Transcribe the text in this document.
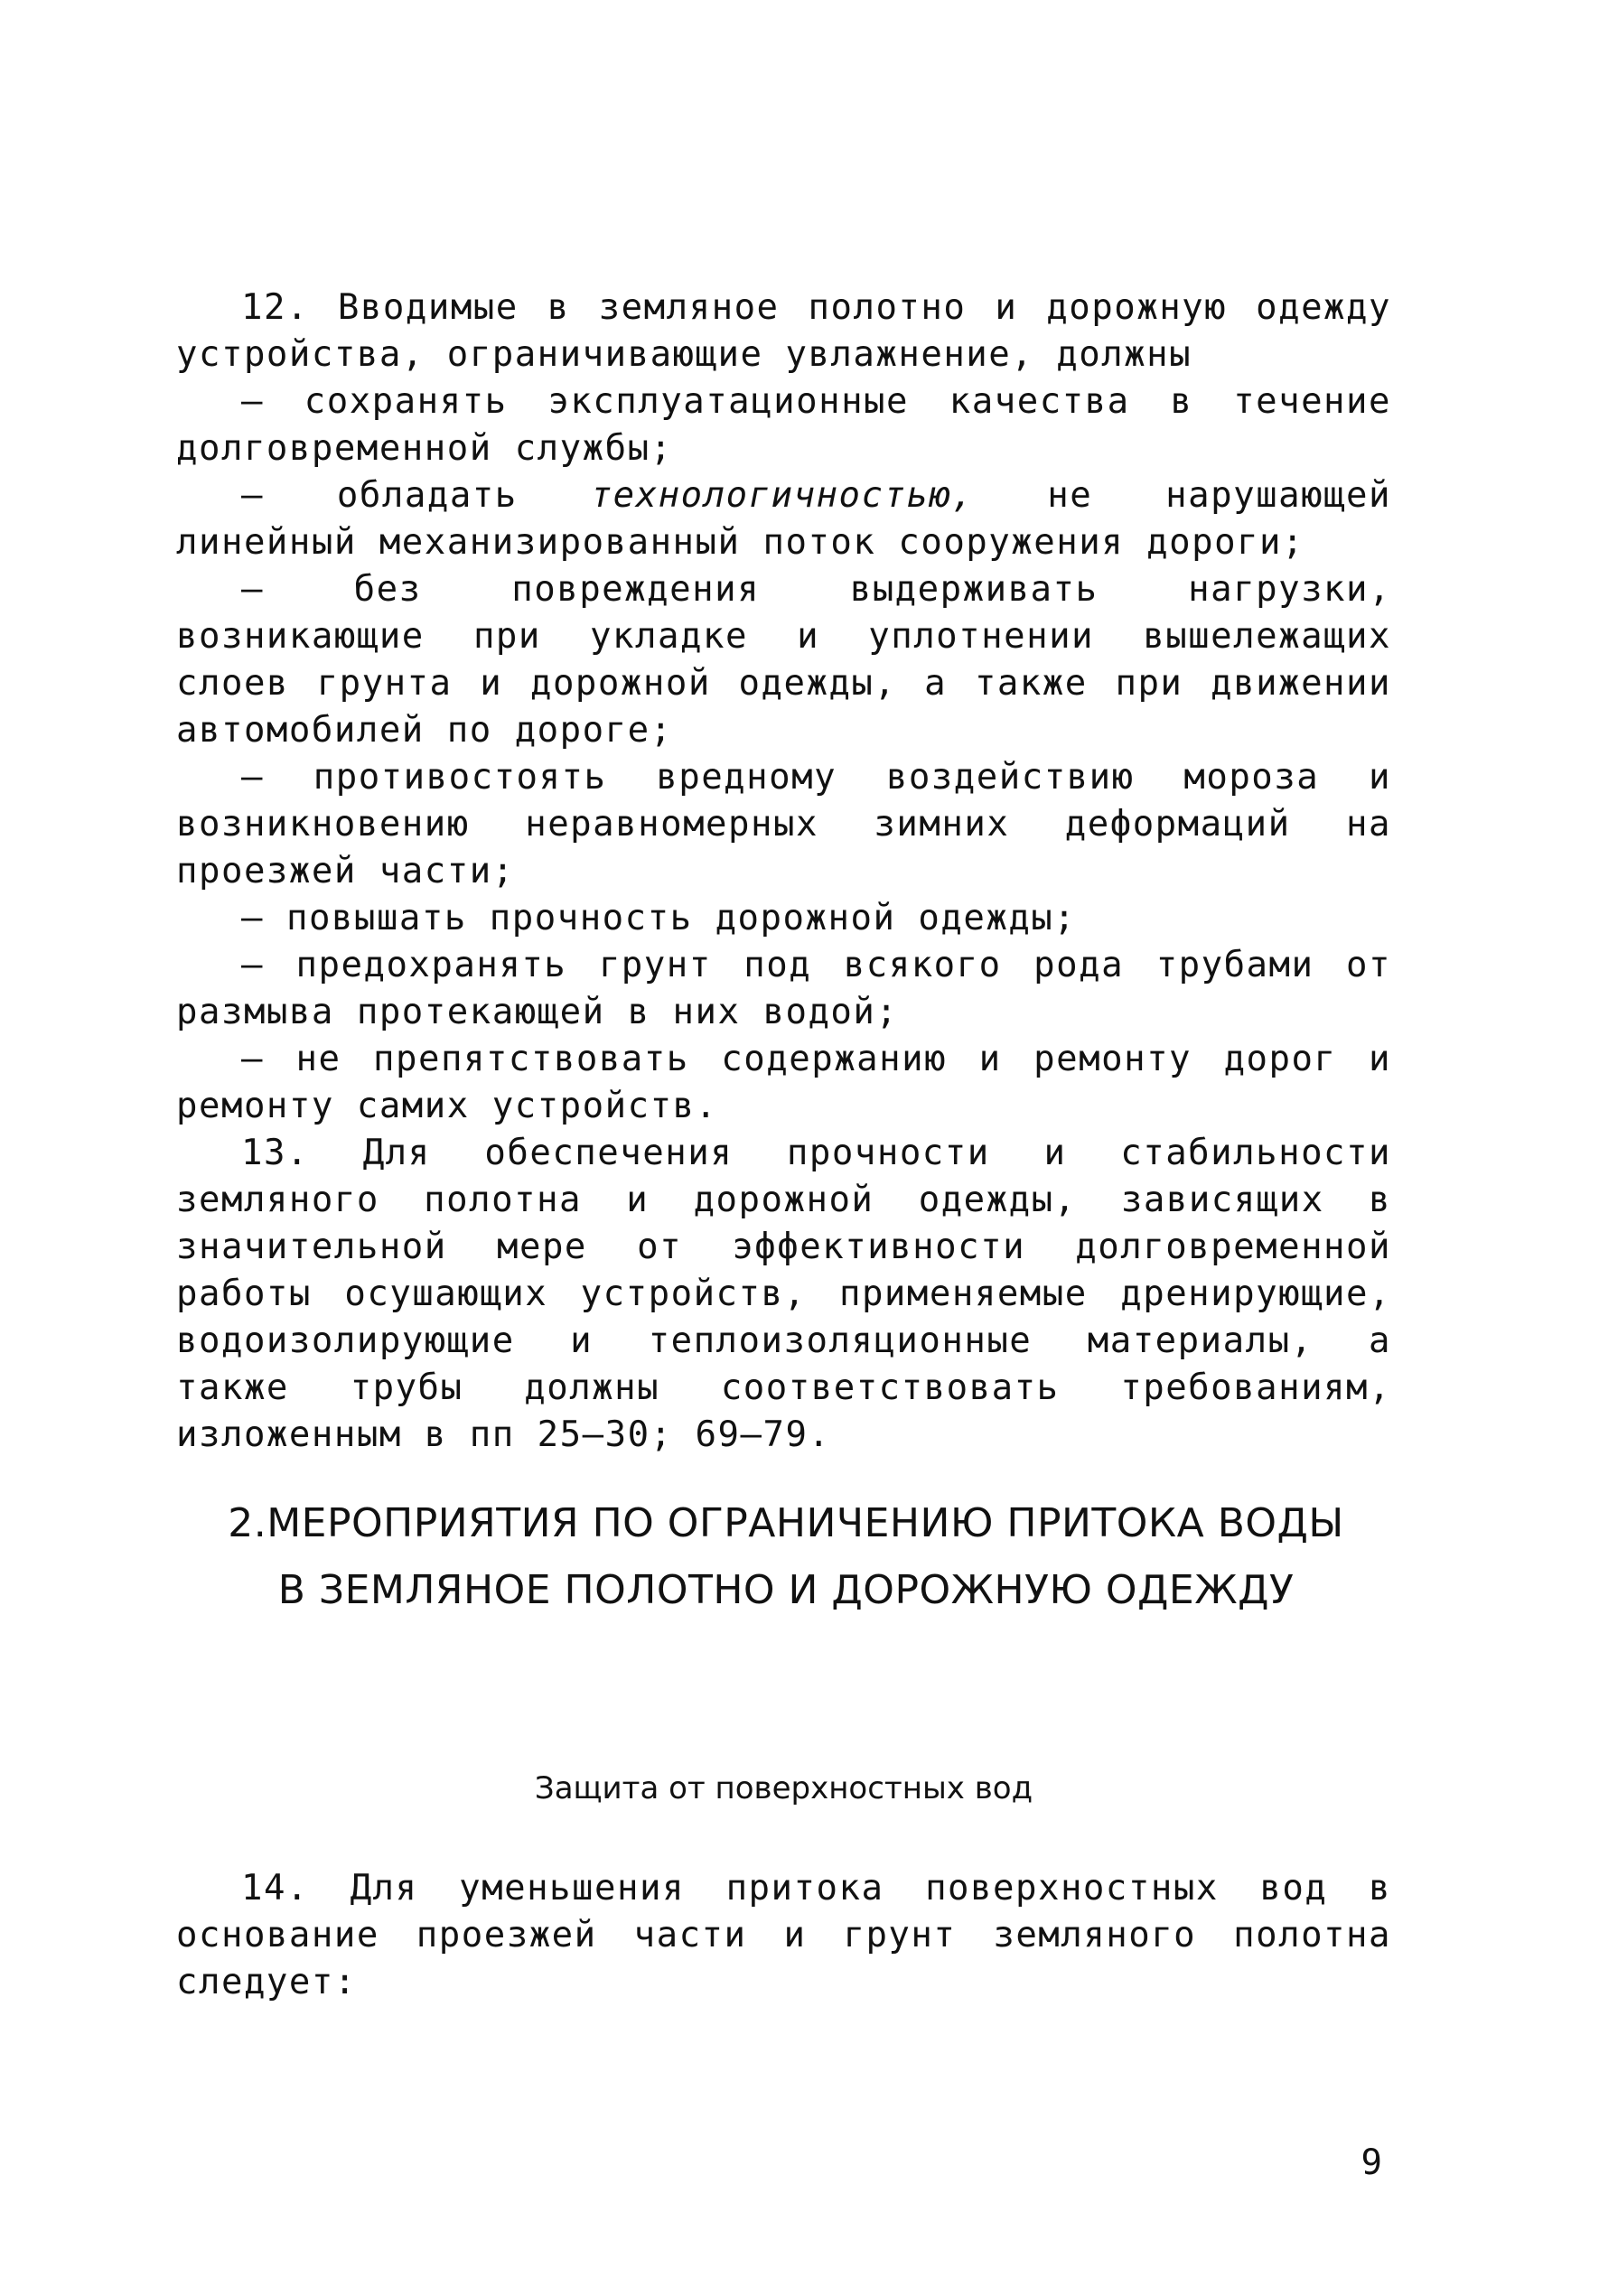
12. Вводимые в земляное полотно и дорожную одежду устройства, ограничивающие увлажнение, должны

– сохранять эксплуатационные качества в течение долговременной службы;

– обладать технологичностью, не нарушающей линейный механизированный поток сооружения дороги;

– без повреждения выдерживать нагрузки, возникающие при укладке и уплотнении вышележащих слоев грунта и дорожной одежды, а также при движении автомобилей по дороге;

– противостоять вредному воздействию мороза и возникновению неравномерных зимних деформаций на проезжей части;

– повышать прочность дорожной одежды;

– предохранять грунт под всякого рода трубами от размыва протекающей в них водой;

– не препятствовать содержанию и ремонту дорог и ремонту самих устройств.

13. Для обеспечения прочности и стабильности земляного полотна и дорожной одежды, зависящих в значительной мере от эффективности долговременной работы осушающих устройств, применяемые дренирующие, водоизолирующие и теплоизоляционные материалы, а также трубы должны соответствовать требованиям, изложенным в пп 25–30; 69–79.

2.МЕРОПРИЯТИЯ ПО ОГРАНИЧЕНИЮ ПРИТОКА ВОДЫ
В ЗЕМЛЯНОЕ ПОЛОТНО И ДОРОЖНУЮ ОДЕЖДУ

Защита от поверхностных вод

14. Для уменьшения притока поверхностных вод в основание проезжей части и грунт земляного полотна следует:

9
